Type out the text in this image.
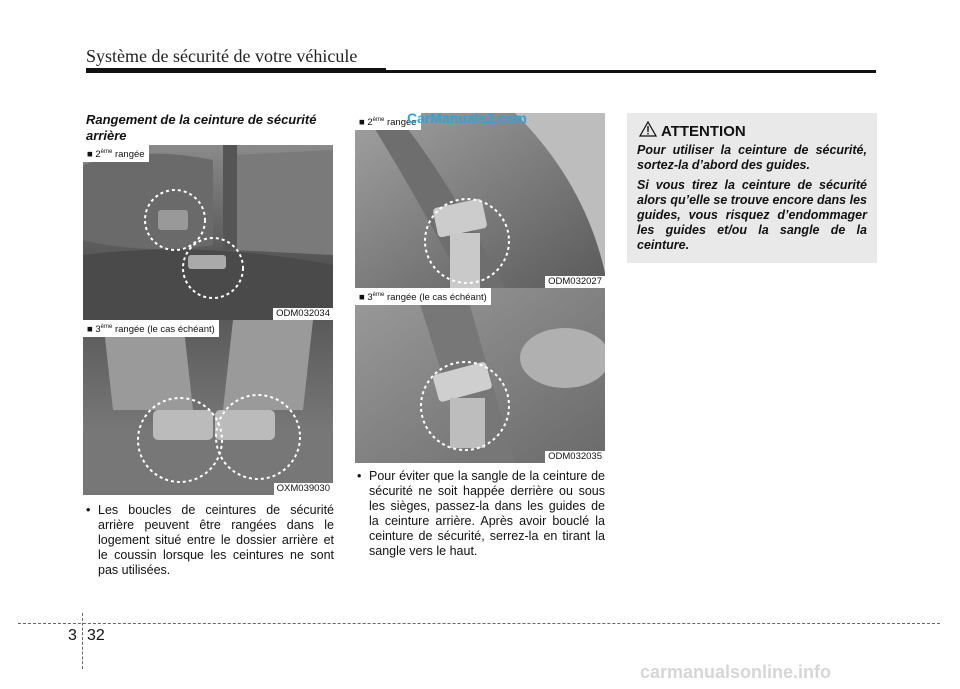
Système de sécurité de votre véhicule
Rangement de la ceinture de sécurité arrière
■ 2ème rangée
ODM032034
■ 3ème rangée (le cas échéant)
OXM039030
■ 2ème rangée
ODM032027
■ 3ème rangée (le cas échéant)
ODM032035
CarManuals2.com
• Les boucles de ceintures de sécurité arrière peuvent être rangées dans le logement situé entre le dossier arrière et le coussin lorsque les ceintures ne sont pas utilisées.
• Pour éviter que la sangle de la ceinture de sécurité ne soit happée derrière ou sous les sièges, passez-la dans les guides de la ceinture arrière. Après avoir bouclé la ceinture de sécurité, serrez-la en tirant la sangle vers le haut.
ATTENTION
Pour utiliser la ceinture de sécurité, sortez-la d’abord des guides.
Si vous tirez la ceinture de sécurité alors qu’elle se trouve encore dans les guides, vous risquez d’endommager les guides et/ou la sangle de la ceinture.
3 32
carmanualsonline.info
